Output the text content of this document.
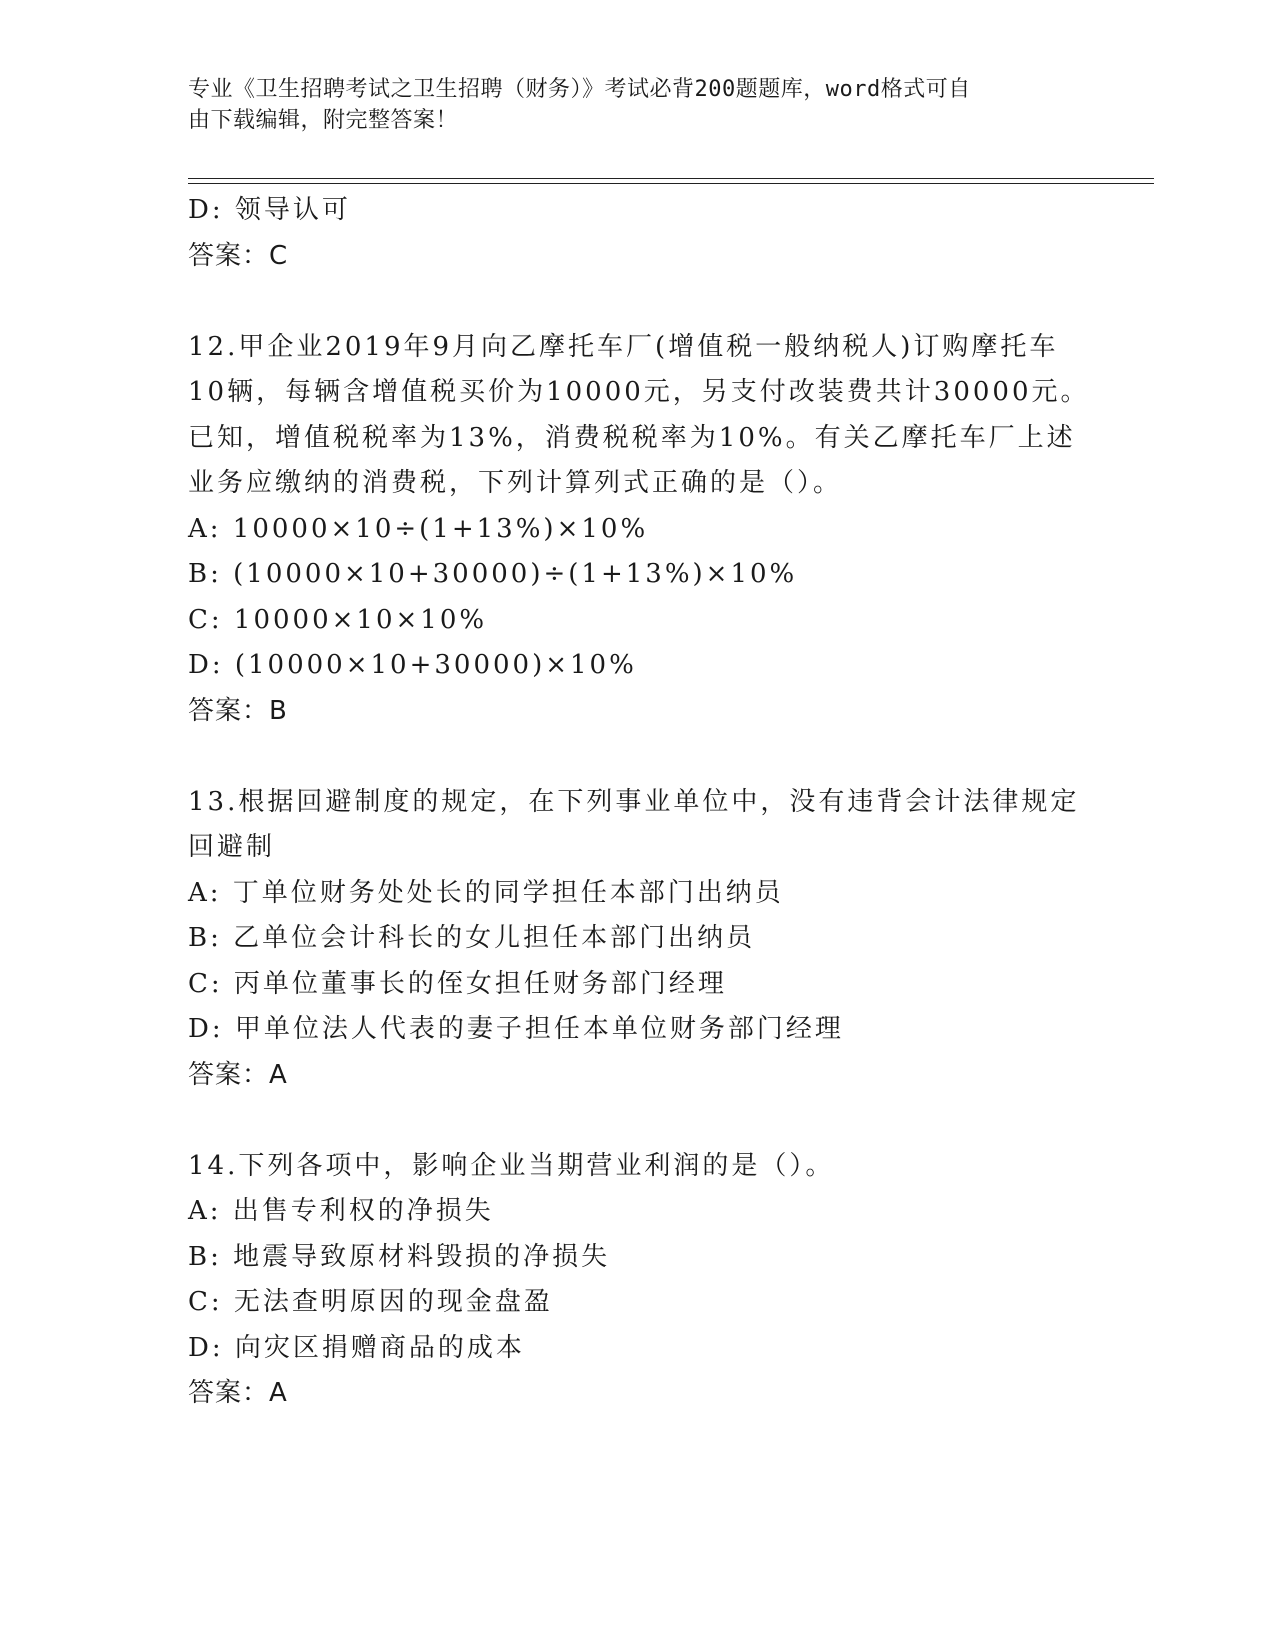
专业《卫生招聘考试之卫生招聘（财务）》考试必背200题题库，word格式可自
由下载编辑，附完整答案！
D: 领导认可
答案：C
12.甲企业2019年9月向乙摩托车厂(增值税一般纳税人)订购摩托车
10辆，每辆含增值税买价为10000元，另支付改装费共计30000元。
已知，增值税税率为13%，消费税税率为10%。有关乙摩托车厂上述
业务应缴纳的消费税，下列计算列式正确的是（）。
A: 10000×10÷(1+13%)×10%
B: (10000×10+30000)÷(1+13%)×10%
C: 10000×10×10%
D: (10000×10+30000)×10%
答案：B
13.根据回避制度的规定，在下列事业单位中，没有违背会计法律规定
回避制
A: 丁单位财务处处长的同学担任本部门出纳员
B: 乙单位会计科长的女儿担任本部门出纳员
C: 丙单位董事长的侄女担任财务部门经理
D: 甲单位法人代表的妻子担任本单位财务部门经理
答案：A
14.下列各项中，影响企业当期营业利润的是（）。
A: 出售专利权的净损失
B: 地震导致原材料毁损的净损失
C: 无法查明原因的现金盘盈
D: 向灾区捐赠商品的成本
答案：A
